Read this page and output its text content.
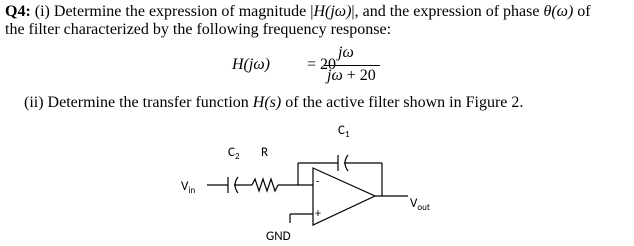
Q4: (i) Determine the expression of magnitude |H(jω)|, and the expression of phase θ(ω) of
the filter characterized by the following frequency response:
H(jω) = 20
jω
jω + 20
(ii) Determine the transfer function H(s) of the active filter shown in Figure 2.
$C_1$
$C_2$ R
$V_{in}$
$V_{out}$
-
+
GND
